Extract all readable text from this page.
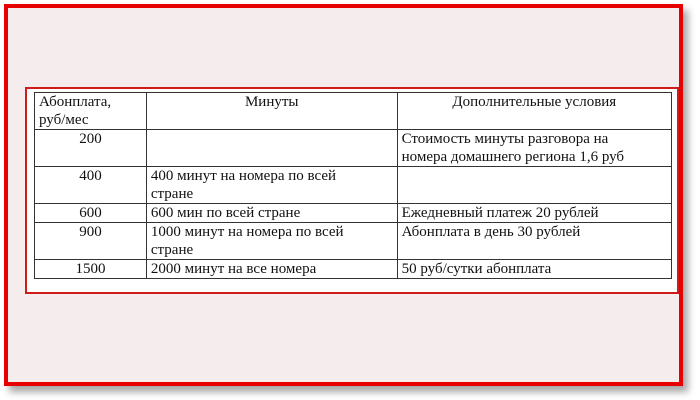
Абонплата,
руб/мес	Минуты	Дополнительные условия
200		Стоимость минуты разговора на
номера домашнего региона 1,6 руб

400	400 минут на номера по всей
стране	

600	600 мин по всей стране	Ежедневный платеж 20 рублей

900	1000 минут на номера по всей
стране	Абонплата в день 30 рублей

1500	2000 минут на все номера	50 руб/сутки абонплата
